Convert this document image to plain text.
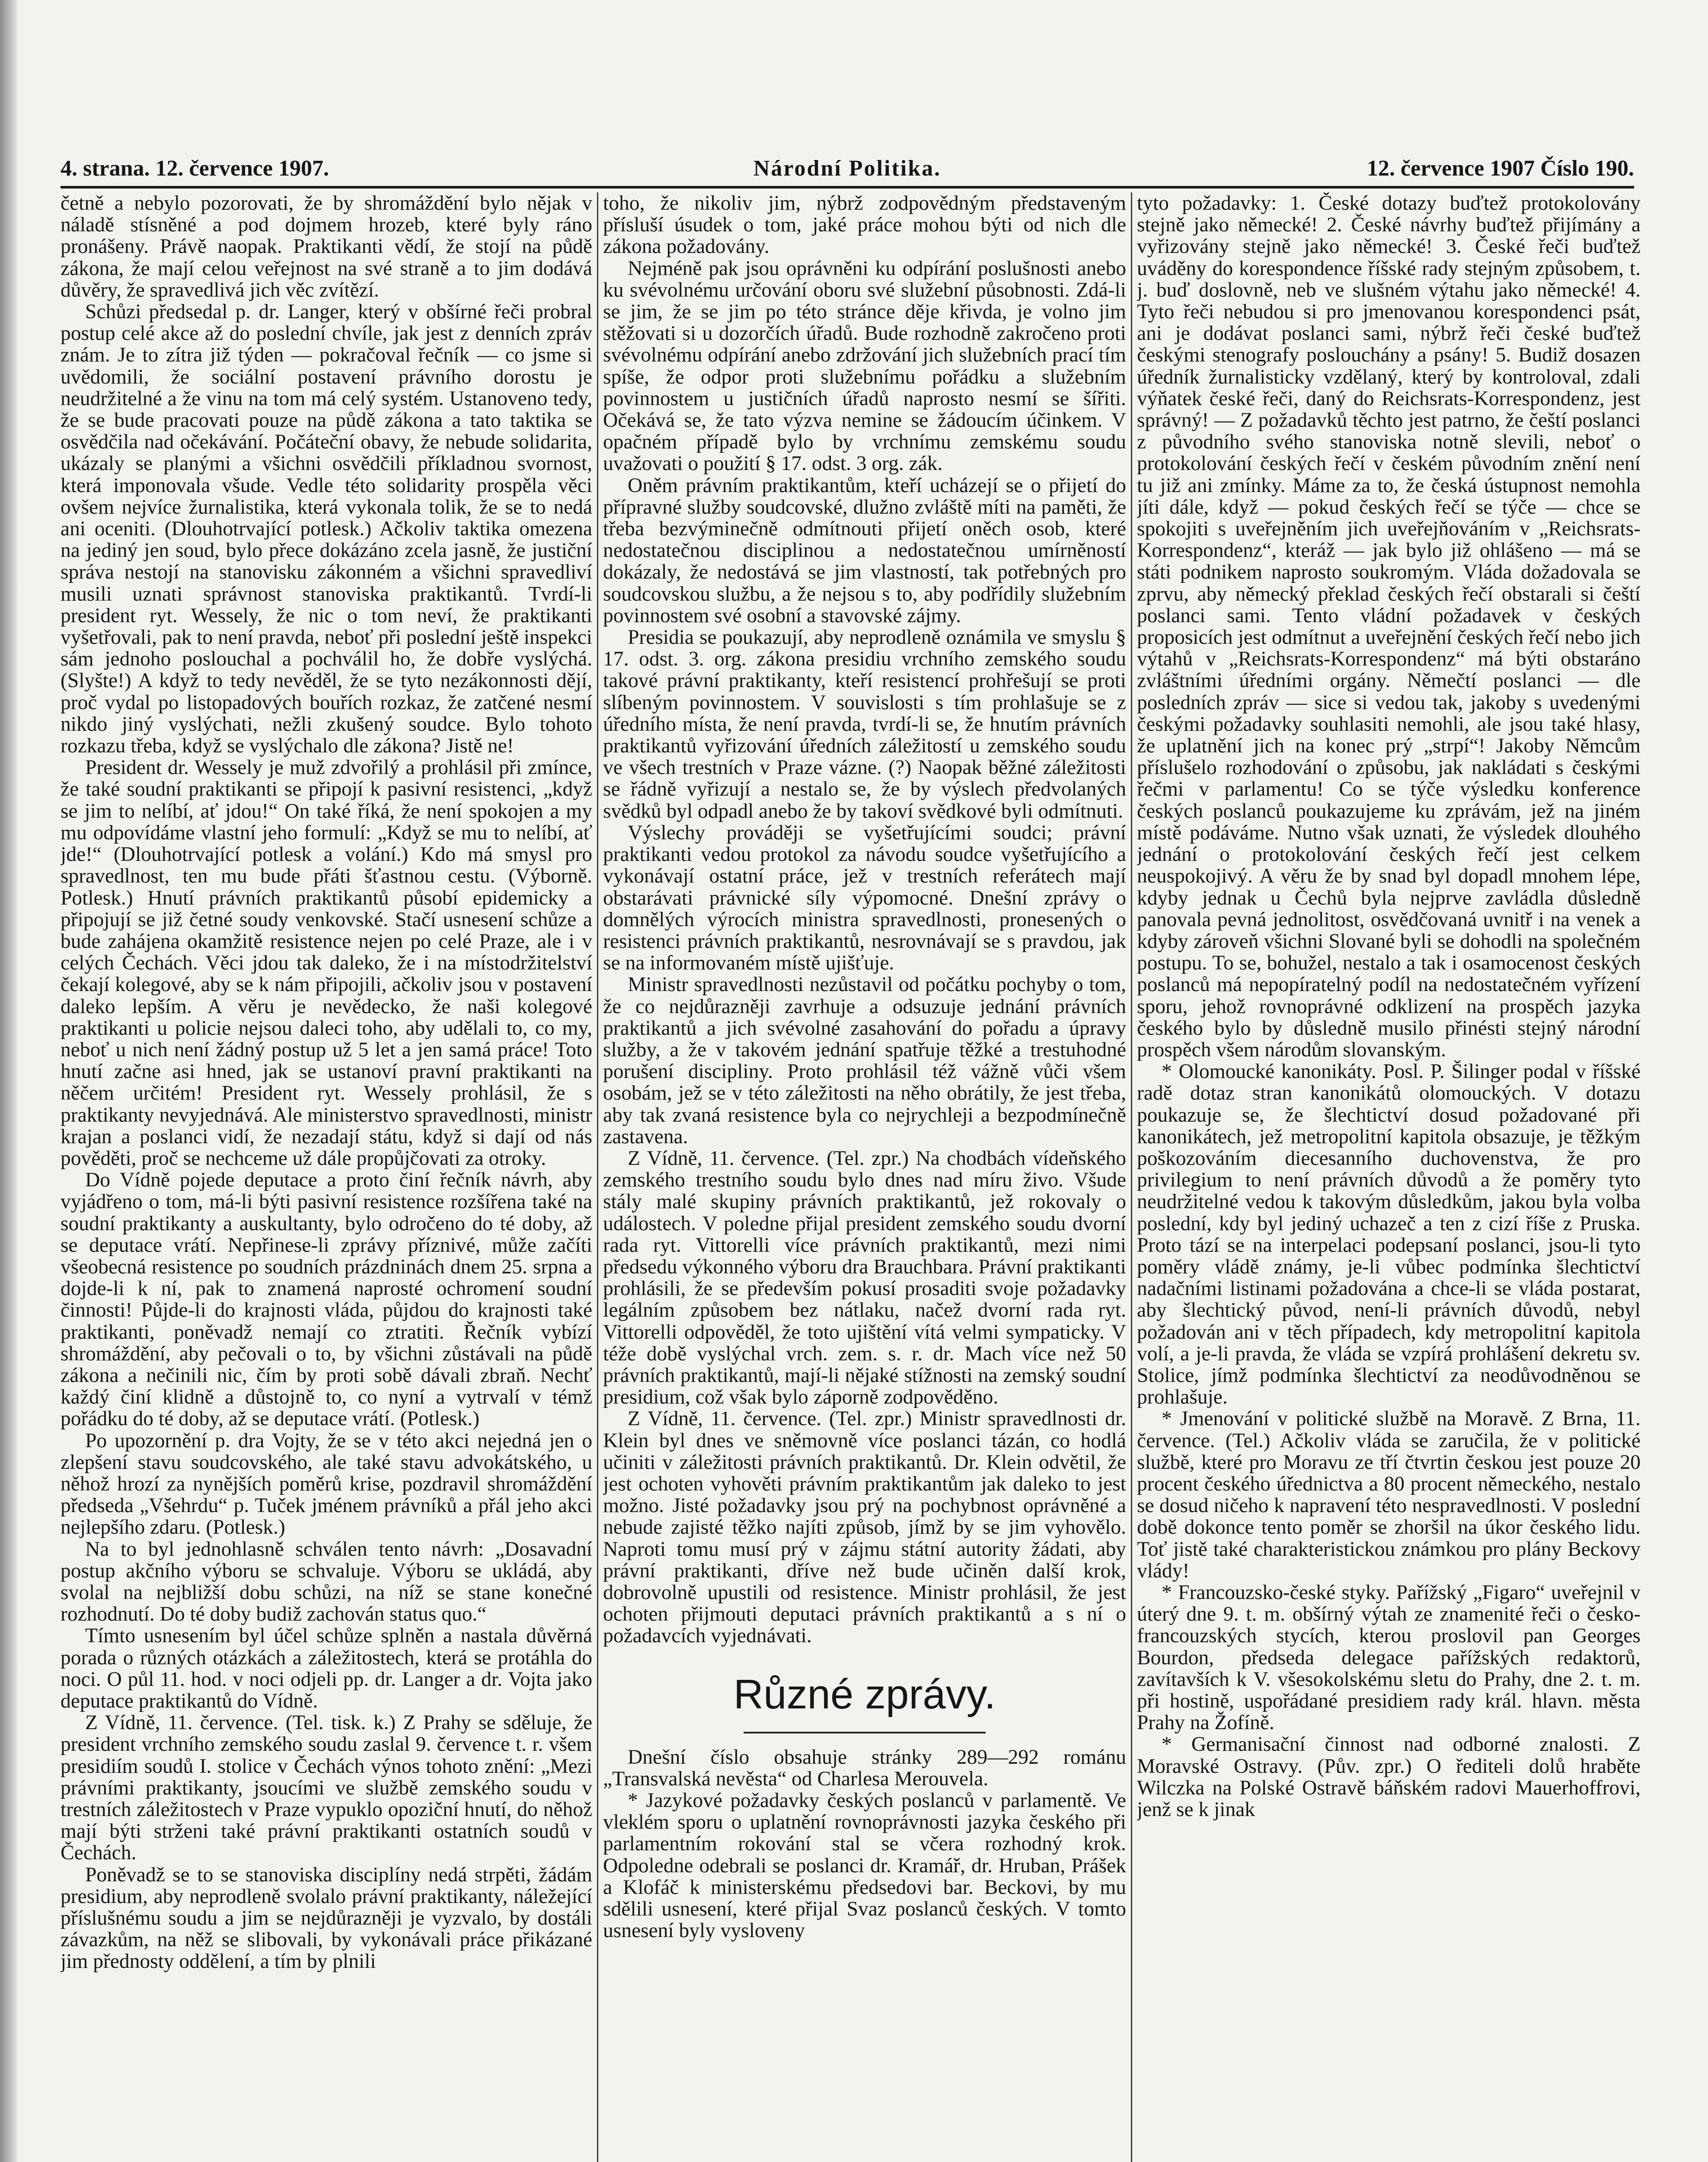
4. strana. 12. července 1907.	Národní Politika.	12. července 1907 Číslo 190.

četně a nebylo pozorovati, že by shromáždění bylo nějak v náladě stísněné a pod dojmem hrozeb, které byly ráno pronášeny. Právě naopak. Praktikanti vědí, že stojí na půdě zákona, že mají celou veřejnost na své straně a to jim dodává důvěry, že spravedlivá jich věc zvítězí.

Schůzi předsedal p. dr. Langer, který v obšírné řeči probral postup celé akce až do poslední chvíle, jak jest z denních zpráv znám. Je to zítra již týden — pokračoval řečník — co jsme si uvědomili, že sociální postavení právního dorostu je neudržitelné a že vinu na tom má celý systém. Ustanoveno tedy, že se bude pracovati pouze na půdě zákona a tato taktika se osvědčila nad očekávání. Počáteční obavy, že nebude solidarita, ukázaly se planými a všichni osvědčili příkladnou svornost, která imponovala všude. Vedle této solidarity prospěla věci ovšem nejvíce žurnalistika, která vykonala tolik, že se to nedá ani oceniti. (Dlouhotrvající potlesk.) Ačkoliv taktika omezena na jediný jen soud, bylo přece dokázáno zcela jasně, že justiční správa nestojí na stanovisku zákonném a všichni spravedliví musili uznati správnost stanoviska praktikantů. Tvrdí-li president ryt. Wessely, že nic o tom neví, že praktikanti vyšetřovali, pak to není pravda, neboť při poslední ještě inspekci sám jednoho poslouchal a pochválil ho, že dobře vyslýchá. (Slyšte!) A když to tedy nevěděl, že se tyto nezákonnosti dějí, proč vydal po listopadových bouřích rozkaz, že zatčené nesmí nikdo jiný vyslýchati, nežli zkušený soudce. Bylo tohoto rozkazu třeba, když se vyslýchalo dle zákona? Jistě ne!

President dr. Wessely je muž zdvořilý a prohlásil při zmínce, že také soudní praktikanti se připojí k pasivní resistenci, „když se jim to nelíbí, ať jdou!“ On také říká, že není spokojen a my mu odpovídáme vlastní jeho formulí: „Když se mu to nelíbí, ať jde!“ (Dlouhotrvající potlesk a volání.) Kdo má smysl pro spravedlnost, ten mu bude přáti šťastnou cestu. (Výborně. Potlesk.) Hnutí právních praktikantů působí epidemicky a připojují se již četné soudy venkovské. Stačí usnesení schůze a bude zahájena okamžitě resistence nejen po celé Praze, ale i v celých Čechách. Věci jdou tak daleko, že i na místodržitelství čekají kolegové, aby se k nám připojili, ačkoliv jsou v postavení daleko lepším. A věru je nevědecko, že naši kolegové praktikanti u policie nejsou daleci toho, aby udělali to, co my, neboť u nich není žádný postup už 5 let a jen samá práce! Toto hnutí začne asi hned, jak se ustanoví pravní praktikanti na něčem určitém! President ryt. Wessely prohlásil, že s praktikanty nevyjednává. Ale ministerstvo spravedlnosti, ministr krajan a poslanci vidí, že nezadají státu, když si dají od nás pověděti, proč se nechceme už dále propůjčovati za otroky.

Do Vídně pojede deputace a proto činí řečník návrh, aby vyjádřeno o tom, má-li býti pasivní resistence rozšířena také na soudní praktikanty a auskultanty, bylo odročeno do té doby, až se deputace vrátí. Nepřinese-li zprávy příznivé, může začíti všeobecná resistence po soudních prázdninách dnem 25. srpna a dojde-li k ní, pak to znamená naprosté ochromení soudní činnosti! Půjde-li do krajnosti vláda, půjdou do krajnosti také praktikanti, poněvadž nemají co ztratiti. Řečník vybízí shromáždění, aby pečovali o to, by všichni zůstávali na půdě zákona a nečinili nic, čím by proti sobě dávali zbraň. Nechť každý činí klidně a důstojně to, co nyní a vytrvalí v témž pořádku do té doby, až se deputace vrátí. (Potlesk.)

Po upozornění p. dra Vojty, že se v této akci nejedná jen o zlepšení stavu soudcovského, ale také stavu advokátského, u něhož hrozí za nynějších poměrů krise, pozdravil shromáždění předseda „Všehrdu“ p. Tuček jménem právníků a přál jeho akci nejlepšího zdaru. (Potlesk.)

Na to byl jednohlasně schválen tento návrh: „Dosavadní postup akčního výboru se schvaluje. Výboru se ukládá, aby svolal na nejbližší dobu schůzi, na níž se stane konečné rozhodnutí. Do té doby budiž zachován status quo.“

Tímto usnesením byl účel schůze splněn a nastala důvěrná porada o různých otázkách a záležitostech, která se protáhla do noci. O půl 11. hod. v noci odjeli pp. dr. Langer a dr. Vojta jako deputace praktikantů do Vídně.

Z Vídně, 11. července. (Tel. tisk. k.) Z Prahy se sděluje, že president vrchního zemského soudu zaslal 9. července t. r. všem presidiím soudů I. stolice v Čechách výnos tohoto znění: „Mezi právními praktikanty, jsoucími ve službě zemského soudu v trestních záležitostech v Praze vypuklo opoziční hnutí, do něhož mají býti strženi také právní praktikanti ostatních soudů v Čechách.

Poněvadž se to se stanoviska disciplíny nedá strpěti, žádám presidium, aby neprodleně svolalo právní praktikanty, náležející příslušnému soudu a jim se nejdůrazněji je vyzvalo, by dostáli závazkům, na něž se slibovali, by vykonávali práce přikázané jim přednosty oddělení, a tím by plnili

toho, že nikoliv jim, nýbrž zodpovědným představeným přísluší úsudek o tom, jaké práce mohou býti od nich dle zákona požadovány.

Nejméně pak jsou oprávněni ku odpírání poslušnosti anebo ku svévolnému určování oboru své služební působnosti. Zdá-li se jim, že se jim po této stránce děje křivda, je volno jim stěžovati si u dozorčích úřadů. Bude rozhodně zakročeno proti svévolnému odpírání anebo zdržování jich služebních prací tím spíše, že odpor proti služebnímu pořádku a služebním povinnostem u justičních úřadů naprosto nesmí se šířiti. Očekává se, že tato výzva nemine se žádoucím účinkem. V opačném případě bylo by vrchnímu zemskému soudu uvažovati o použití § 17. odst. 3 org. zák.

Oněm právním praktikantům, kteří ucházejí se o přijetí do přípravné služby soudcovské, dlužno zvláště míti na paměti, že třeba bezvýminečně odmítnouti přijetí oněch osob, které nedostatečnou disciplinou a nedostatečnou umírněností dokázaly, že nedostává se jim vlastností, tak potřebných pro soudcovskou službu, a že nejsou s to, aby podřídily služebním povinnostem své osobní a stavovské zájmy.

Presidia se poukazují, aby neprodleně oznámila ve smyslu § 17. odst. 3. org. zákona presidiu vrchního zemského soudu takové právní praktikanty, kteří resistencí prohřešují se proti slíbeným povinnostem. V souvislosti s tím prohlašuje se z úředního místa, že není pravda, tvrdí-li se, že hnutím právních praktikantů vyřizování úředních záležitostí u zemského soudu ve všech trestních v Praze vázne. (?) Naopak běžné záležitosti se řádně vyřizují a nestalo se, že by výslech předvolaných svědků byl odpadl anebo že by takoví svědkové byli odmítnuti.

Výslechy prováději se vyšetřujícími soudci; právní praktikanti vedou protokol za návodu soudce vyšetřujícího a vykonávají ostatní práce, jež v trestních referátech mají obstarávati právnické síly výpomocné. Dnešní zprávy o domnělých výrocích ministra spravedlnosti, pronesených o resistenci právních praktikantů, nesrovnávají se s pravdou, jak se na informovaném místě ujišťuje.

Ministr spravedlnosti nezůstavil od počátku pochyby o tom, že co nejdůrazněji zavrhuje a odsuzuje jednání právních praktikantů a jich svévolné zasahování do pořadu a úpravy služby, a že v takovém jednání spatřuje těžké a trestuhodné porušení discipliny. Proto prohlásil též vážně vůči všem osobám, jež se v této záležitosti na něho obrátily, že jest třeba, aby tak zvaná resistence byla co nejrychleji a bezpodmínečně zastavena.

Z Vídně, 11. července. (Tel. zpr.) Na chodbách vídeňského zemského trestního soudu bylo dnes nad míru živo. Všude stály malé skupiny právních praktikantů, jež rokovaly o událostech. V poledne přijal president zemského soudu dvorní rada ryt. Vittorelli více právních praktikantů, mezi nimi předsedu výkonného výboru dra Brauchbara. Právní praktikanti prohlásili, že se především pokusí prosaditi svoje požadavky legálním způsobem bez nátlaku, načež dvorní rada ryt. Vittorelli odpověděl, že toto ujištění vítá velmi sympaticky. V téže době vyslýchal vrch. zem. s. r. dr. Mach více než 50 právních praktikantů, mají-li nějaké stížnosti na zemský soudní presidium, což však bylo záporně zodpověděno.

Z Vídně, 11. července. (Tel. zpr.) Ministr spravedlnosti dr. Klein byl dnes ve sněmovně více poslanci tázán, co hodlá učiniti v záležitosti právních praktikantů. Dr. Klein odvětil, že jest ochoten vyhověti právním praktikantům jak daleko to jest možno. Jisté požadavky jsou prý na pochybnost oprávněné a nebude zajisté těžko najíti způsob, jímž by se jim vyhovělo. Naproti tomu musí prý v zájmu státní autority žádati, aby právní praktikanti, dříve než bude učiněn další krok, dobrovolně upustili od resistence. Ministr prohlásil, že jest ochoten přijmouti deputaci právních praktikantů a s ní o požadavcích vyjednávati.

Různé zprávy.

Dnešní číslo obsahuje stránky 289—292 románu „Transvalská nevěsta“ od Charlesa Merouvela.

* Jazykové požadavky českých poslanců v parlamentě. Ve vleklém sporu o uplatnění rovnoprávnosti jazyka českého při parlamentním rokování stal se včera rozhodný krok. Odpoledne odebrali se poslanci dr. Kramář, dr. Hruban, Prášek a Klofáč k ministerskému předsedovi bar. Beckovi, by mu sdělili usnesení, které přijal Svaz poslanců českých. V tomto usnesení byly vysloveny

tyto požadavky: 1. České dotazy buďtež protokolovány stejně jako německé! 2. České návrhy buďtež přijímány a vyřizovány stejně jako německé! 3. České řeči buďtež uváděny do korespondence říšské rady stejným způsobem, t. j. buď doslovně, neb ve slušném výtahu jako německé! 4. Tyto řeči nebudou si pro jmenovanou korespondenci psát, ani je dodávat poslanci sami, nýbrž řeči české buďtež českými stenografy poslouchány a psány! 5. Budiž dosazen úředník žurnalisticky vzdělaný, který by kontroloval, zdali výňatek české řeči, daný do Reichsrats-Korrespondenz, jest správný! — Z požadavků těchto jest patrno, že čeští poslanci z původního svého stanoviska notně slevili, neboť o protokolování českých řečí v českém původním znění není tu již ani zmínky. Máme za to, že česká ústupnost nemohla jíti dále, když — pokud českých řečí se týče — chce se spokojiti s uveřejněním jich uveřejňováním v „Reichsrats-Korrespondenz“, kteráž — jak bylo již ohlášeno — má se státi podnikem naprosto soukromým. Vláda dožadovala se zprvu, aby německý překlad českých řečí obstarali si čeští poslanci sami. Tento vládní požadavek v českých proposicích jest odmítnut a uveřejnění českých řečí nebo jich výtahů v „Reichsrats-Korrespondenz“ má býti obstaráno zvláštními úředními orgány. Němečtí poslanci — dle posledních zpráv — sice si vedou tak, jakoby s uvedenými českými požadavky souhlasiti nemohli, ale jsou také hlasy, že uplatnění jich na konec prý „strpí“! Jakoby Němcům příslušelo rozhodování o způsobu, jak nakládati s českými řečmi v parlamentu! Co se týče výsledku konference českých poslanců poukazujeme ku zprávám, jež na jiném místě podáváme. Nutno však uznati, že výsledek dlouhého jednání o protokolování českých řečí jest celkem neuspokojivý. A věru že by snad byl dopadl mnohem lépe, kdyby jednak u Čechů byla nejprve zavládla důsledně panovala pevná jednolitost, osvědčovaná uvnitř i na venek a kdyby zároveň všichni Slované byli se dohodli na společném postupu. To se, bohužel, nestalo a tak i osamocenost českých poslanců má nepopíratelný podíl na nedostatečném vyřízení sporu, jehož rovnoprávné odklizení na prospěch jazyka českého bylo by důsledně musilo přinésti stejný národní prospěch všem národům slovanským.

* Olomoucké kanonikáty. Posl. P. Šilinger podal v říšské radě dotaz stran kanonikátů olomouckých. V dotazu poukazuje se, že šlechtictví dosud požadované při kanonikátech, jež metropolitní kapitola obsazuje, je těžkým poškozováním diecesanního duchovenstva, že pro privilegium to není právních důvodů a že poměry tyto neudržitelné vedou k takovým důsledkům, jakou byla volba poslední, kdy byl jediný uchazeč a ten z cizí říše z Pruska. Proto tází se na interpelaci podepsaní poslanci, jsou-li tyto poměry vládě známy, je-li vůbec podmínka šlechtictví nadačními listinami požadována a chce-li se vláda postarat, aby šlechtický původ, není-li právních důvodů, nebyl požadován ani v těch případech, kdy metropolitní kapitola volí, a je-li pravda, že vláda se vzpírá prohlášení dekretu sv. Stolice, jímž podmínka šlechtictví za neodůvodněnou se prohlašuje.

* Jmenování v politické službě na Moravě. Z Brna, 11. července. (Tel.) Ačkoliv vláda se zaručila, že v politické službě, které pro Moravu ze tří čtvrtin českou jest pouze 20 procent českého úřednictva a 80 procent německého, nestalo se dosud ničeho k napravení této nespravedlnosti. V poslední době dokonce tento poměr se zhoršil na úkor českého lidu. Toť jistě také charakteristickou známkou pro plány Beckovy vlády!

* Francouzsko-české styky. Pařížský „Figaro“ uveřejnil v úterý dne 9. t. m. obšírný výtah ze znamenité řeči o česko-francouzských stycích, kterou proslovil pan Georges Bourdon, předseda delegace pařížských redaktorů, zavítavších k V. všesokolskému sletu do Prahy, dne 2. t. m. při hostině, uspořádané presidiem rady král. hlavn. města Prahy na Žofíně.

* Germanisační činnost nad odborné znalosti. Z Moravské Ostravy. (Pův. zpr.) O řediteli dolů hraběte Wilczka na Polské Ostravě báňském radovi Mauerhoffrovi, jenž se k jinak
